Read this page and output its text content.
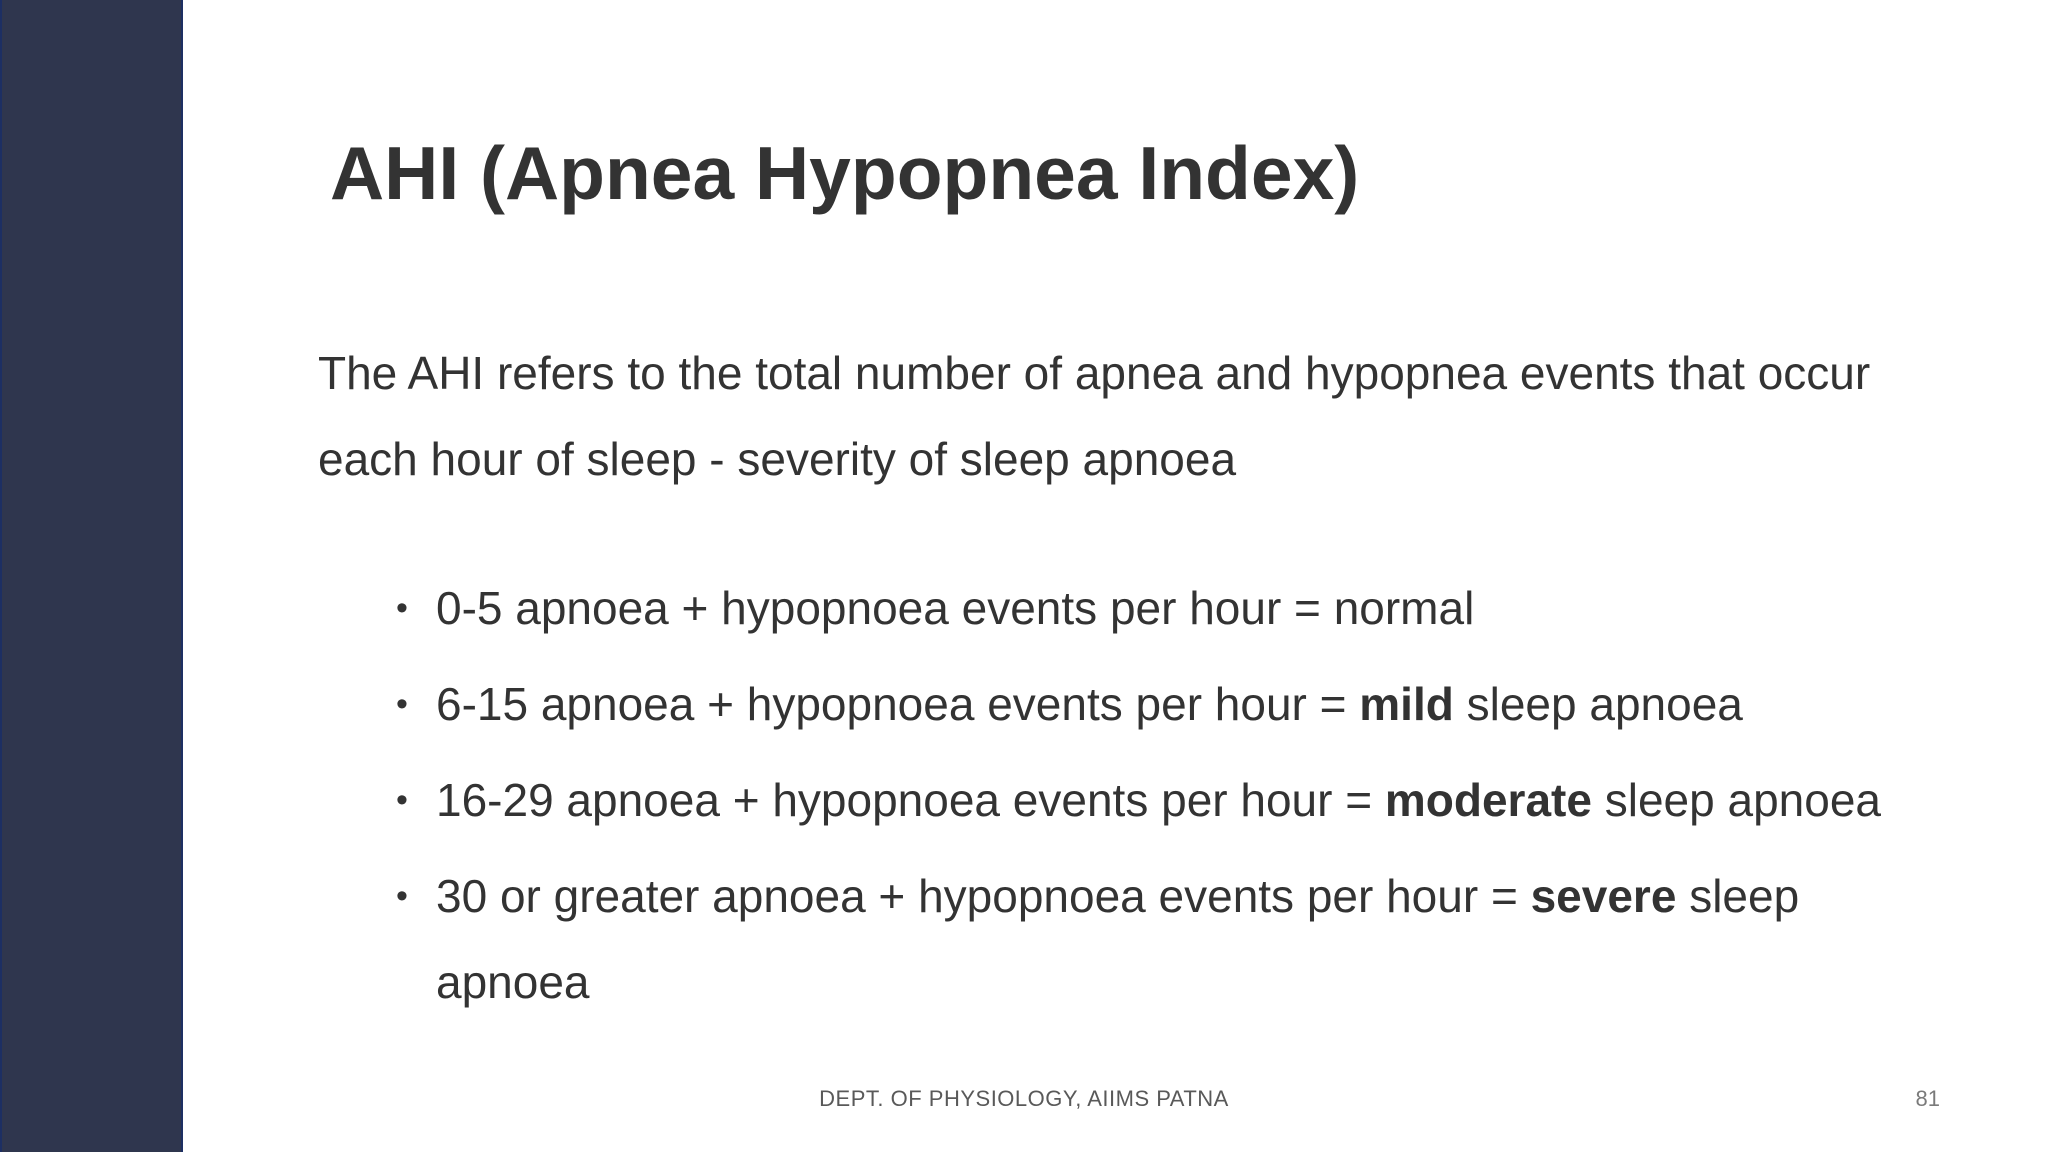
AHI (Apnea Hypopnea Index)

The AHI refers to the total number of apnea and hypopnea events that occur each hour of sleep - severity of sleep apnoea

• 0-5 apnoea + hypopnoea events per hour = normal
• 6-15 apnoea + hypopnoea events per hour = mild sleep apnoea
• 16-29 apnoea + hypopnoea events per hour = moderate sleep apnoea
• 30 or greater apnoea + hypopnoea events per hour = severe sleep apnoea
DEPT. OF PHYSIOLOGY, AIIMS PATNA	81
